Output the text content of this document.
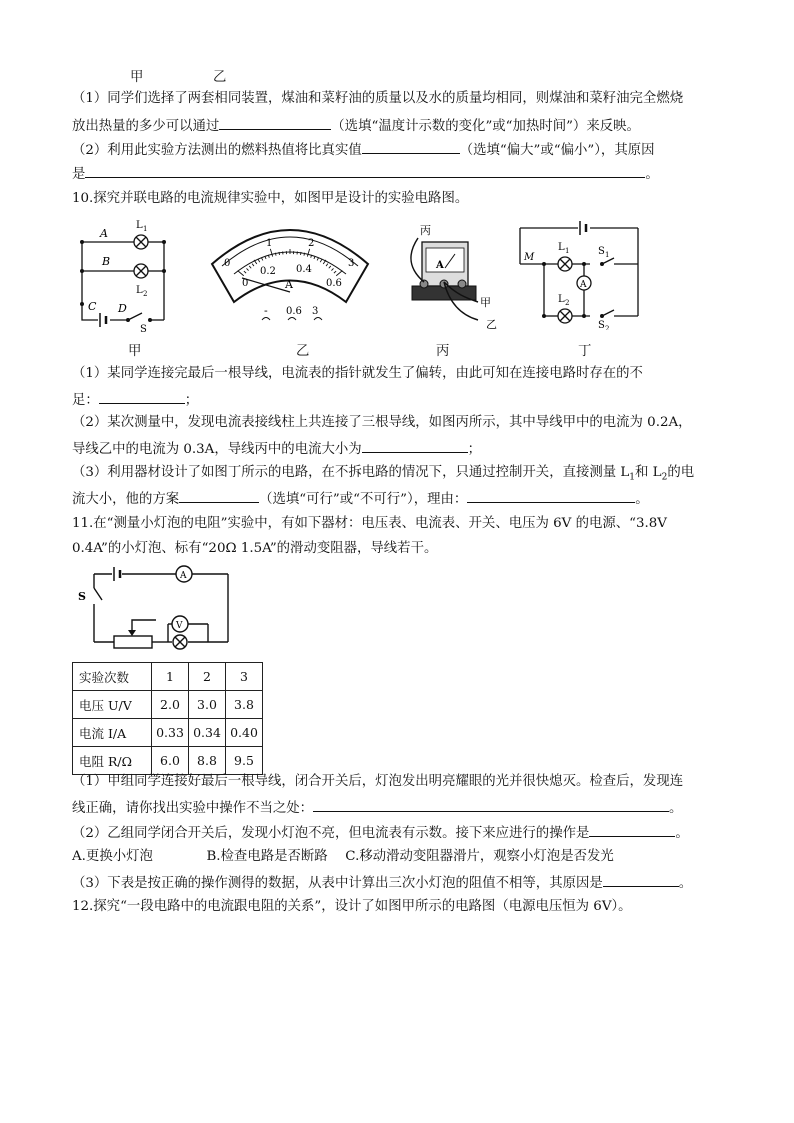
甲	乙
（1）同学们选择了两套相同装置，煤油和菜籽油的质量以及水的质量均相同，则煤油和菜籽油完全燃烧
放出热量的多少可以通过	（选填“温度计示数的变化”或“加热时间”）来反映。
（2）利用此实验方法测出的燃料热值将比真实值	（选填“偏大”或“偏小”），其原因
是	。
10.探究并联电路的电流规律实验中，如图甲是设计的实验电路图。
A
B
C D
L 1
L 2
S
0
1	2
3
0
0.2 0.4
0.6
A
0.6 3
-
A
丙
甲
乙
A
M
L 1
L 2
S 1
S 2
甲	乙	丙	丁
（1）某同学连接完最后一根导线，电流表的指针就发生了偏转，由此可知在连接电路时存在的不
足：	；
（2）某次测量中，发现电流表接线柱上共连接了三根导线，如图丙所示，其中导线甲中的电流为 0.2A，
导线乙中的电流为 0.3A，导线丙中的电流大小为	；
（3）利用器材设计了如图丁所示的电路，在不拆电路的情况下，只通过控制开关，直接测量 $L_1$和 $L_2$的电
流大小，他的方案	（选填“可行”或“不可行”），理由：	。
11.在“测量小灯泡的电阻”实验中，有如下器材：电压表、电流表、开关、电压为 6V 的电源、“3.8V
0.4A”的小灯泡、标有“20Ω 1.5A”的滑动变阻器，导线若干。
A
V
S
实验次数	1	2	3
电压 U/V	2.0	3.0	3.8
电流 I/A	0.33	0.34	0.40
电阻 R/Ω	6.0	8.8	9.5
（1）甲组同学连接好最后一根导线，闭合开关后，灯泡发出明亮耀眼的光并很快熄灭。检查后，发现连
线正确，请你找出实验中操作不当之处：	。
（2）乙组同学闭合开关后，发现小灯泡不亮，但电流表有示数。接下来应进行的操作是	。
A.更换小灯泡　　　　B.检查电路是否断路　 C.移动滑动变阻器滑片，观察小灯泡是否发光
（3）下表是按正确的操作测得的数据，从表中计算出三次小灯泡的阻值不相等，其原因是	。
12.探究“一段电路中的电流跟电阻的关系”，设计了如图甲所示的电路图（电源电压恒为 6V）。
